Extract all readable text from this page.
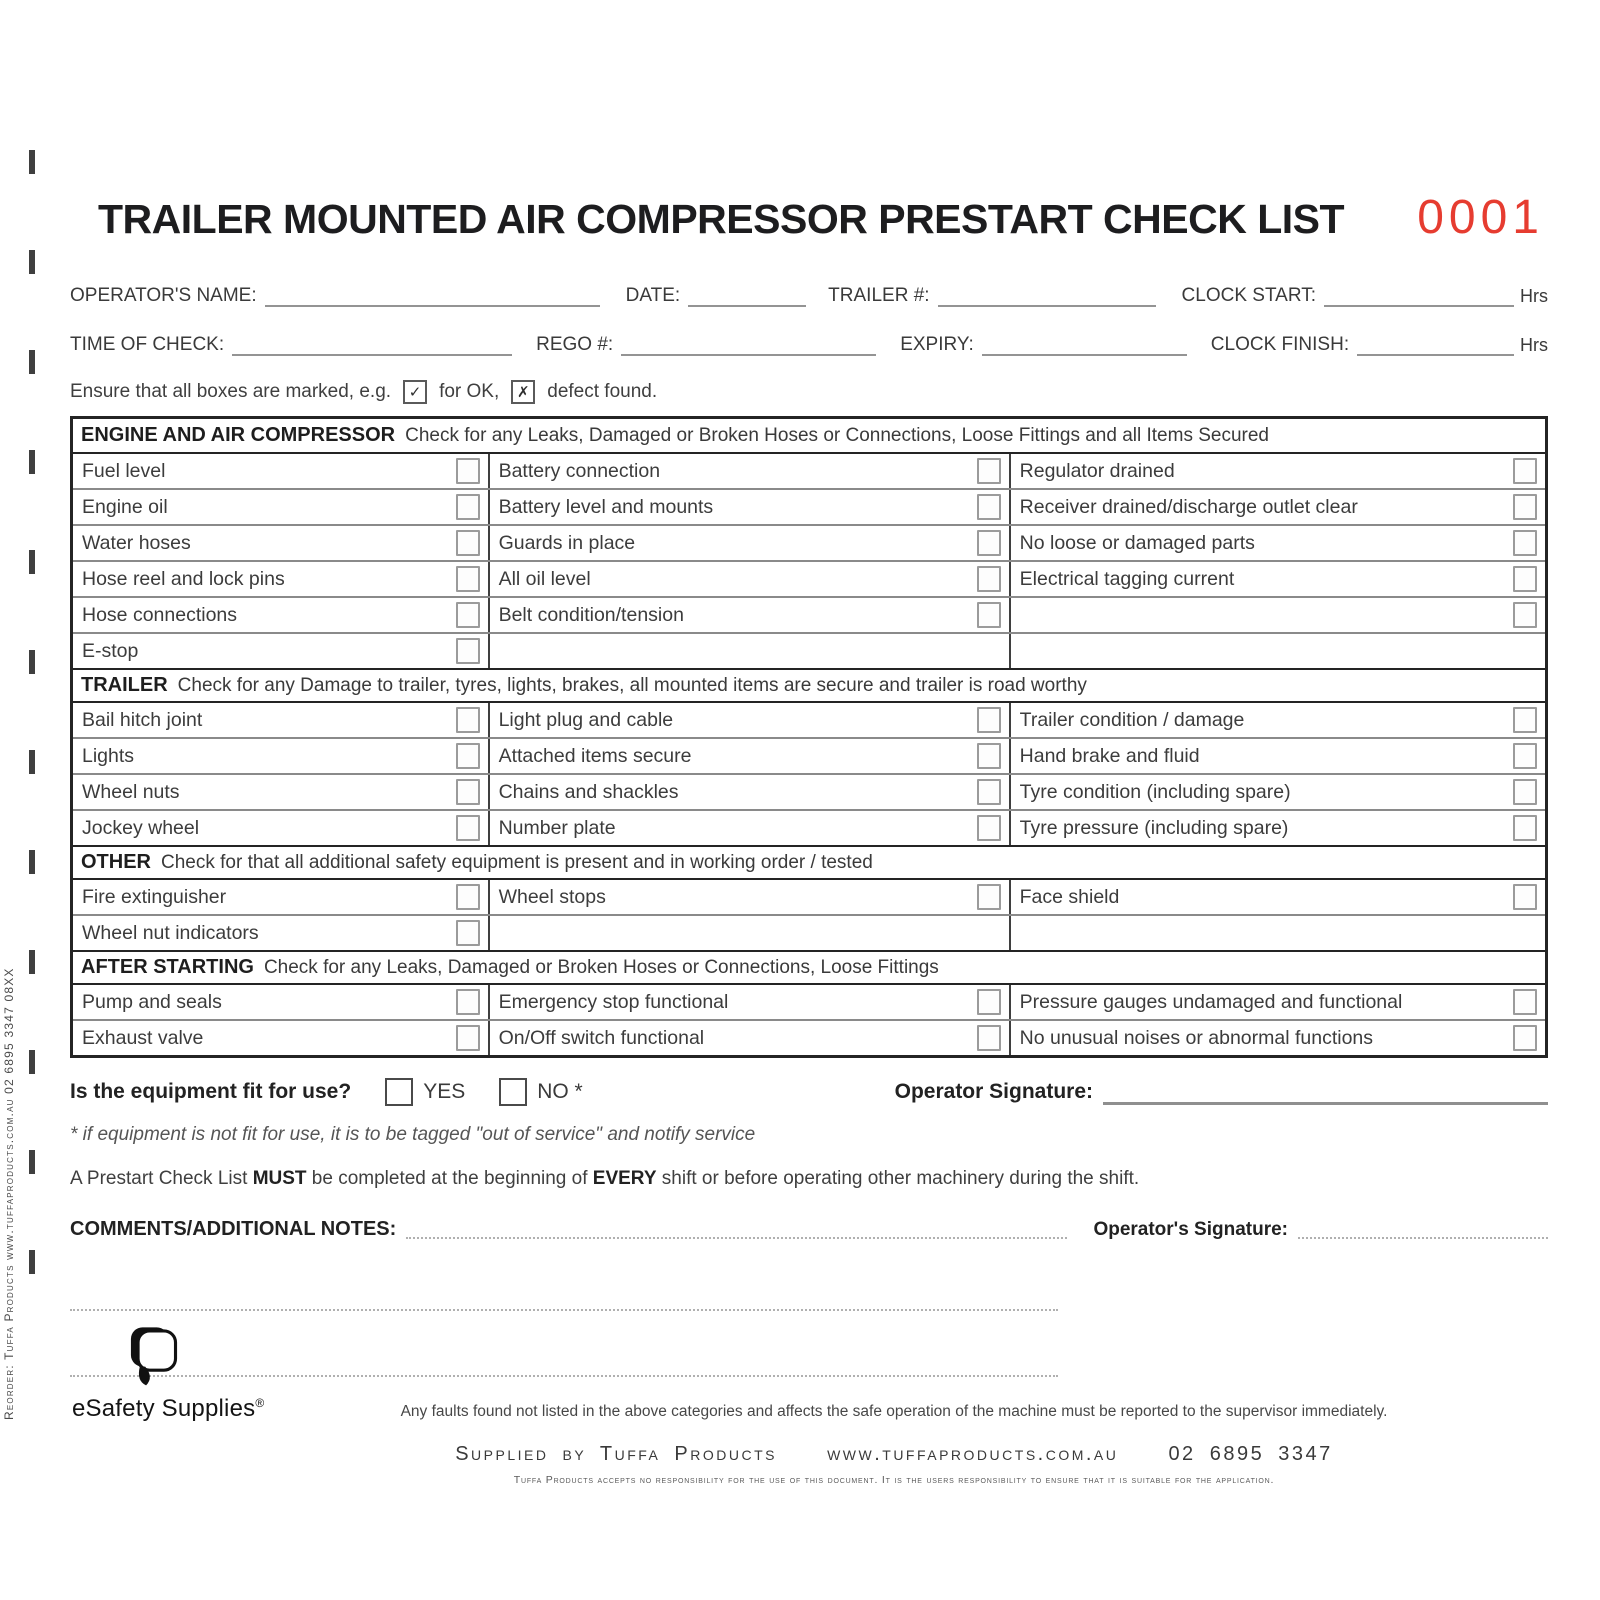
Reorder: Tuffa Products www.tuffaproducts.com.au 02 6895 3347 08XX
TRAILER MOUNTED AIR COMPRESSOR PRESTART CHECK LIST	0001
OPERATOR'S NAME:	DATE:	TRAILER #:	CLOCK START:	Hrs
TIME OF CHECK:	REGO #:	EXPIRY:	CLOCK FINISH:	Hrs
Ensure that all boxes are marked, e.g.	✓ for OK,	✗ defect found.
ENGINE AND AIR COMPRESSOR Check for any Leaks, Damaged or Broken Hoses or Connections, Loose Fittings and all Items Secured
Fuel level	Battery connection	Regulator drained
Engine oil	Battery level and mounts	Receiver drained/discharge outlet clear
Water hoses	Guards in place	No loose or damaged parts
Hose reel and lock pins	All oil level	Electrical tagging current
Hose connections	Belt condition/tension
E-stop
TRAILER Check for any Damage to trailer, tyres, lights, brakes, all mounted items are secure and trailer is road worthy
Bail hitch joint	Light plug and cable	Trailer condition / damage
Lights	Attached items secure	Hand brake and fluid
Wheel nuts	Chains and shackles	Tyre condition (including spare)
Jockey wheel	Number plate	Tyre pressure (including spare)
OTHER Check for that all additional safety equipment is present and in working order / tested
Fire extinguisher	Wheel stops	Face shield
Wheel nut indicators
AFTER STARTING Check for any Leaks, Damaged or Broken Hoses or Connections, Loose Fittings
Pump and seals	Emergency stop functional	Pressure gauges undamaged and functional
Exhaust valve	On/Off switch functional	No unusual noises or abnormal functions
Is the equipment fit for use?	YES	NO *	Operator Signature:
* if equipment is not fit for use, it is to be tagged "out of service" and notify service
A Prestart Check List MUST be completed at the beginning of EVERY shift or before operating other machinery during the shift.
COMMENTS/ADDITIONAL NOTES:	Operator's Signature:
Any faults found not listed in the above categories and affects the safe operation of the machine must be reported to the supervisor immediately.
Supplied by Tuffa Products	www.tuffaproducts.com.au	02 6895 3347
Tuffa Products accepts no responsibility for the use of this document. It is the users responsibility to ensure that it is suitable for the application.
eSafety Supplies®
